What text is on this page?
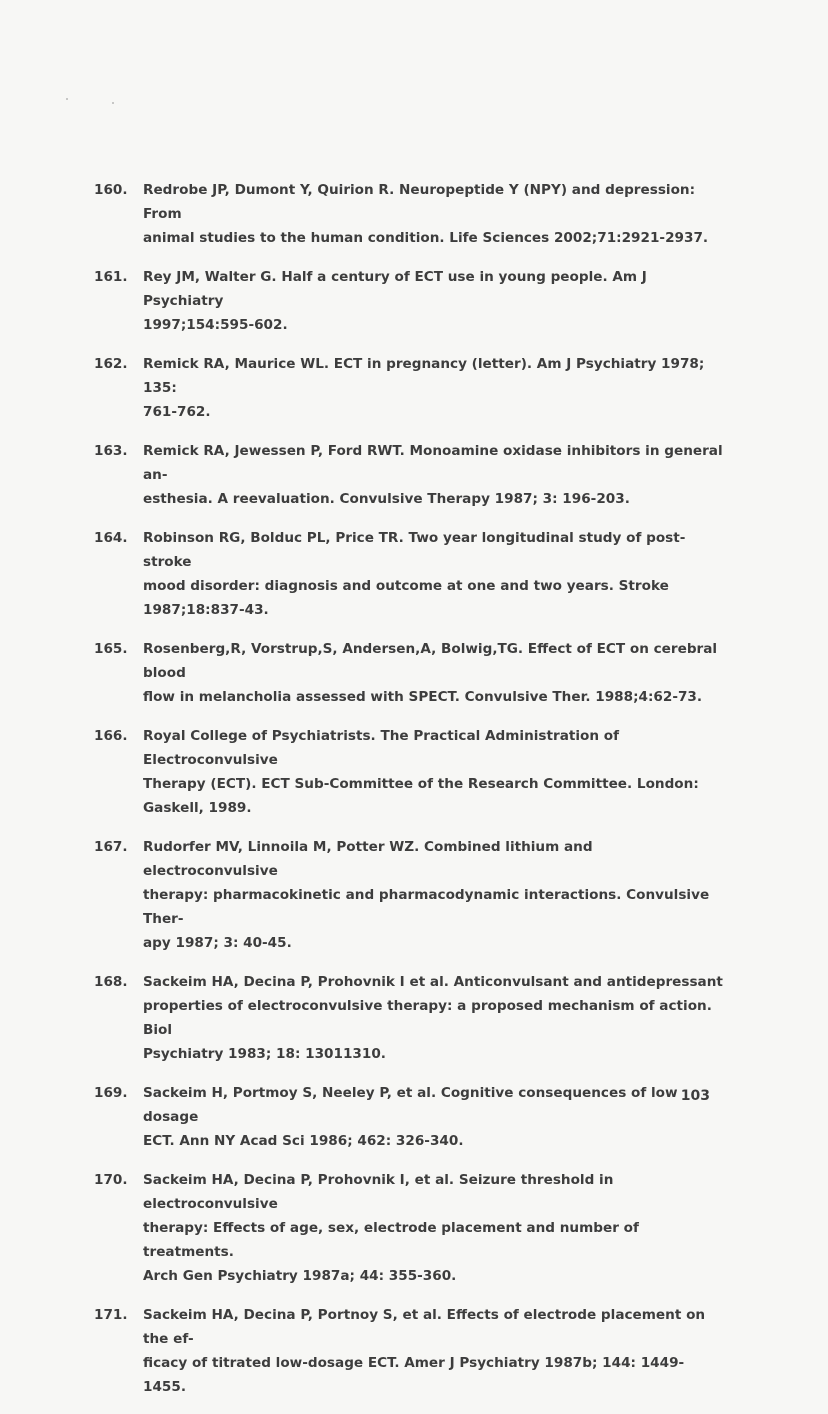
160.	Redrobe JP, Dumont Y, Quirion R. Neuropeptide Y (NPY) and depression: From
animal studies to the human condition. Life Sciences 2002;71:2921-2937.
161.	Rey JM, Walter G. Half a century of ECT use in young people. Am J Psychiatry
1997;154:595-602.
162.	Remick RA, Maurice WL. ECT in pregnancy (letter). Am J Psychiatry 1978; 135:
761-762.
163.	Remick RA, Jewessen P, Ford RWT. Monoamine oxidase inhibitors in general an-
esthesia. A reevaluation. Convulsive Therapy 1987; 3: 196-203.
164.	Robinson RG, Bolduc PL, Price TR. Two year longitudinal study of post-stroke
mood disorder: diagnosis and outcome at one and two years. Stroke
1987;18:837-43.
165.	Rosenberg,R, Vorstrup,S, Andersen,A, Bolwig,TG. Effect of ECT on cerebral blood
flow in melancholia assessed with SPECT. Convulsive Ther. 1988;4:62-73.
166.	Royal College of Psychiatrists. The Practical Administration of Electroconvulsive
Therapy (ECT). ECT Sub-Committee of the Research Committee. London:
Gaskell, 1989.
167.	Rudorfer MV, Linnoila M, Potter WZ. Combined lithium and electroconvulsive
therapy: pharmacokinetic and pharmacodynamic interactions. Convulsive Ther-
apy 1987; 3: 40-45.
168.	Sackeim HA, Decina P, Prohovnik I et al. Anticonvulsant and antidepressant
properties of electroconvulsive therapy: a proposed mechanism of action. Biol
Psychiatry 1983; 18: 13011310.
169.	Sackeim H, Portmoy S, Neeley P, et al. Cognitive consequences of low dosage
ECT. Ann NY Acad Sci 1986; 462: 326-340.
170.	Sackeim HA, Decina P, Prohovnik I, et al. Seizure threshold in electroconvulsive
therapy: Effects of age, sex, electrode placement and number of treatments.
Arch Gen Psychiatry 1987a; 44: 355-360.
171.	Sackeim HA, Decina P, Portnoy S, et al. Effects of electrode placement on the ef-
ficacy of titrated low-dosage ECT. Amer J Psychiatry 1987b; 144: 1449-1455.
103
